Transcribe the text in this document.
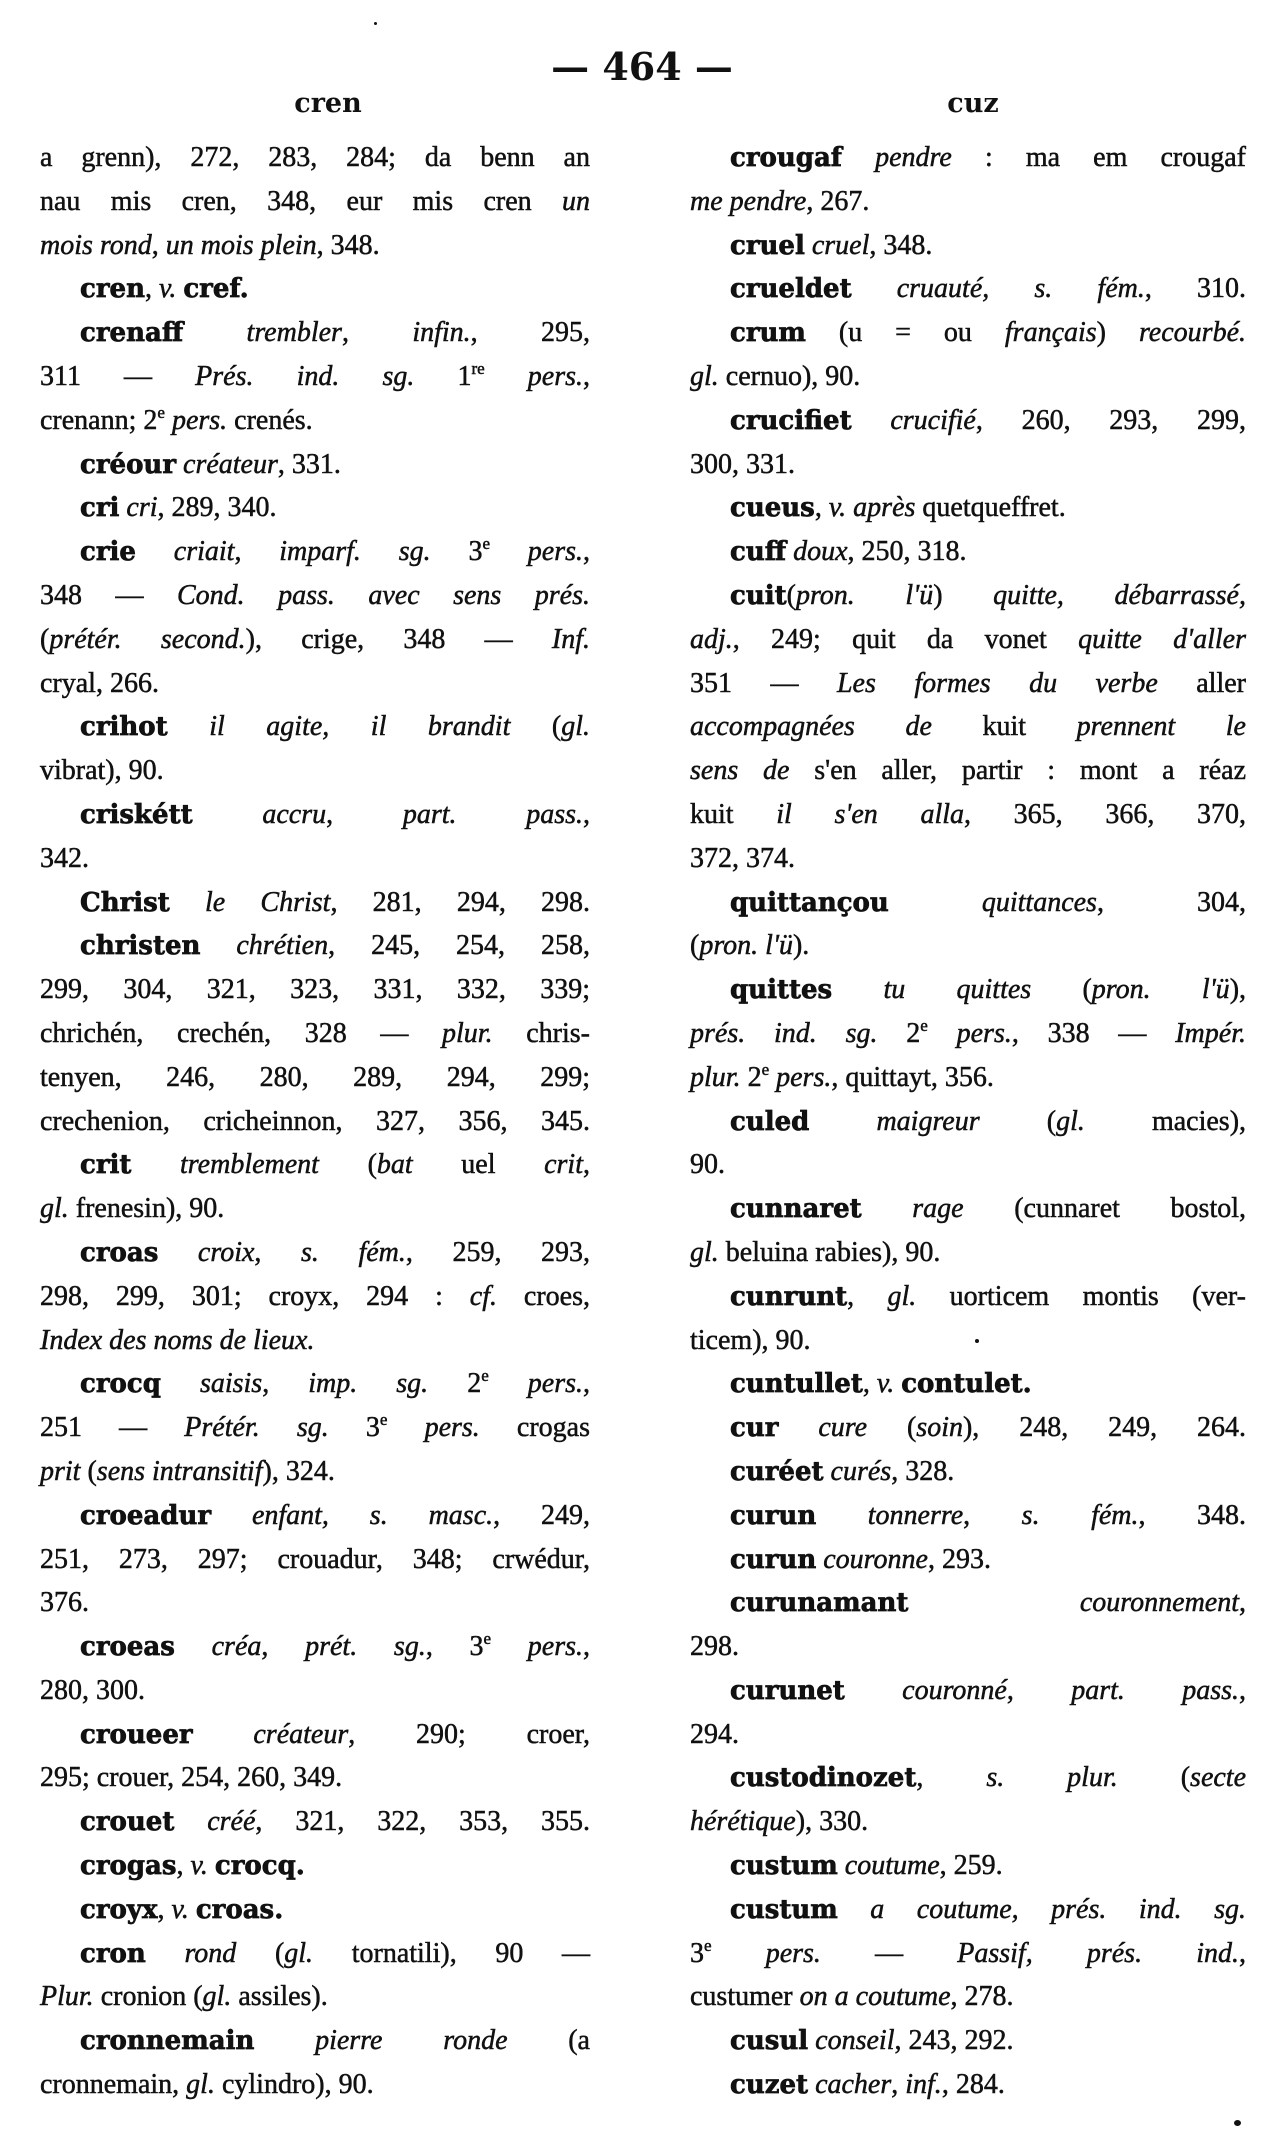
— 464 —
cren	cuz
a grenn), 272, 283, 284; da benn an
nau mis cren, 348, eur mis cren un
mois rond, un mois plein, 348.
cren, v. cref.
crenaff trembler, infin., 295,
311 — Prés. ind. sg. 1re pers.,
crenann; 2e pers. crenés.
créour créateur, 331.
cri cri, 289, 340.
crie criait, imparf. sg. 3e pers.,
348 — Cond. pass. avec sens prés.
(prétér. second.), crige, 348 — Inf.
cryal, 266.
crihot il agite, il brandit (gl.
vibrat), 90.
criskétt accru, part. pass.,
342.
Christ le Christ, 281, 294, 298.
christen chrétien, 245, 254, 258,
299, 304, 321, 323, 331, 332, 339;
chrichén, crechén, 328 — plur. chris-
tenyen, 246, 280, 289, 294, 299;
crechenion, cricheinnon, 327, 356, 345.
crit tremblement (bat uel crit,
gl. frenesin), 90.
croas croix, s. fém., 259, 293,
298, 299, 301; croyx, 294 : cf. croes,
Index des noms de lieux.
crocq saisis, imp. sg. 2e pers.,
251 — Prétér. sg. 3e pers. crogas
prit (sens intransitif), 324.
croeadur enfant, s. masc., 249,
251, 273, 297; crouadur, 348; crwédur,
376.
croeas créa, prét. sg., 3e pers.,
280, 300.
croueer créateur, 290; croer,
295; crouer, 254, 260, 349.
crouet créé, 321, 322, 353, 355.
crogas, v. crocq.
croyx, v. croas.
cron rond (gl. tornatili), 90 —
Plur. cronion (gl. assiles).
cronnemain pierre ronde (a
cronnemain, gl. cylindro), 90.
crougaf pendre : ma em crougaf
me pendre, 267.
cruel cruel, 348.
crueldet cruauté, s. fém., 310.
crum (u = ou français) recourbé.
gl. cernuo), 90.
crucifiet crucifié, 260, 293, 299,
300, 331.
cueus, v. après quetqueffret.
cuff doux, 250, 318.
cuit(pron. l'ü) quitte, débarrassé,
adj., 249; quit da vonet quitte d'aller
351 — Les formes du verbe aller
accompagnées de kuit prennent le
sens de s'en aller, partir : mont a réaz
kuit il s'en alla, 365, 366, 370,
372, 374.
quittançou	quittances, 304,
(pron. l'ü).
quittes tu quittes (pron. l'ü),
prés. ind. sg. 2e pers., 338 — Impér.
plur. 2e pers., quittayt, 356.
culed maigreur (gl. macies),
90.
cunnaret rage (cunnaret bostol,
gl. beluina rabies), 90.
cunrunt, gl. uorticem montis (ver-
ticem), 90.
cuntullet, v. contulet.
cur cure (soin), 248, 249, 264.
curéet curés, 328.
curun tonnerre, s. fém., 348.
curun couronne, 293.
curunamant	couronnement,
298.
curunet couronné, part. pass.,
294.
custodinozet, s. plur. (secte
hérétique), 330.
custum coutume, 259.
custum a coutume, prés. ind. sg.
3e pers. — Passif, prés. ind.,
custumer on a coutume, 278.
cusul conseil, 243, 292.
cuzet cacher, inf., 284.
